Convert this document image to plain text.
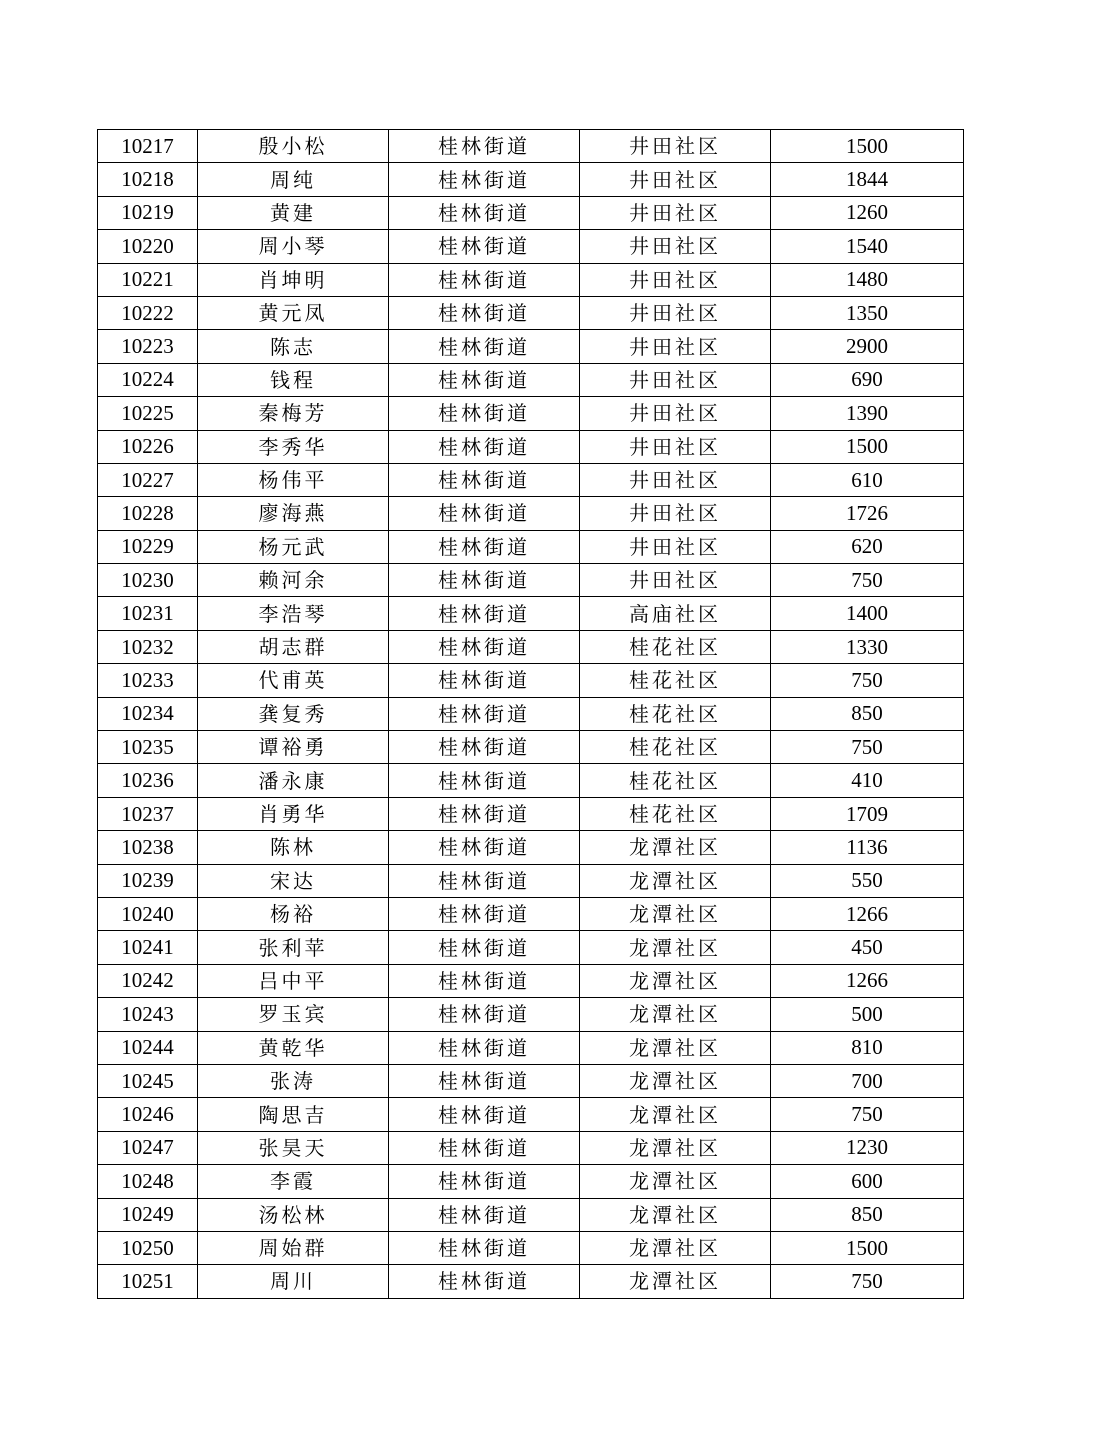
10217	殷小松	桂林街道	井田社区	1500
10218	周纯	桂林街道	井田社区	1844
10219	黄建	桂林街道	井田社区	1260
10220	周小琴	桂林街道	井田社区	1540
10221	肖坤明	桂林街道	井田社区	1480
10222	黄元凤	桂林街道	井田社区	1350
10223	陈志	桂林街道	井田社区	2900
10224	钱程	桂林街道	井田社区	690
10225	秦梅芳	桂林街道	井田社区	1390
10226	李秀华	桂林街道	井田社区	1500
10227	杨伟平	桂林街道	井田社区	610
10228	廖海燕	桂林街道	井田社区	1726
10229	杨元武	桂林街道	井田社区	620
10230	赖河余	桂林街道	井田社区	750
10231	李浩琴	桂林街道	高庙社区	1400
10232	胡志群	桂林街道	桂花社区	1330
10233	代甫英	桂林街道	桂花社区	750
10234	龚复秀	桂林街道	桂花社区	850
10235	谭裕勇	桂林街道	桂花社区	750
10236	潘永康	桂林街道	桂花社区	410
10237	肖勇华	桂林街道	桂花社区	1709
10238	陈林	桂林街道	龙潭社区	1136
10239	宋达	桂林街道	龙潭社区	550
10240	杨裕	桂林街道	龙潭社区	1266
10241	张利苹	桂林街道	龙潭社区	450
10242	吕中平	桂林街道	龙潭社区	1266
10243	罗玉宾	桂林街道	龙潭社区	500
10244	黄乾华	桂林街道	龙潭社区	810
10245	张涛	桂林街道	龙潭社区	700
10246	陶思吉	桂林街道	龙潭社区	750
10247	张昊天	桂林街道	龙潭社区	1230
10248	李霞	桂林街道	龙潭社区	600
10249	汤松林	桂林街道	龙潭社区	850
10250	周始群	桂林街道	龙潭社区	1500
10251	周川	桂林街道	龙潭社区	750
